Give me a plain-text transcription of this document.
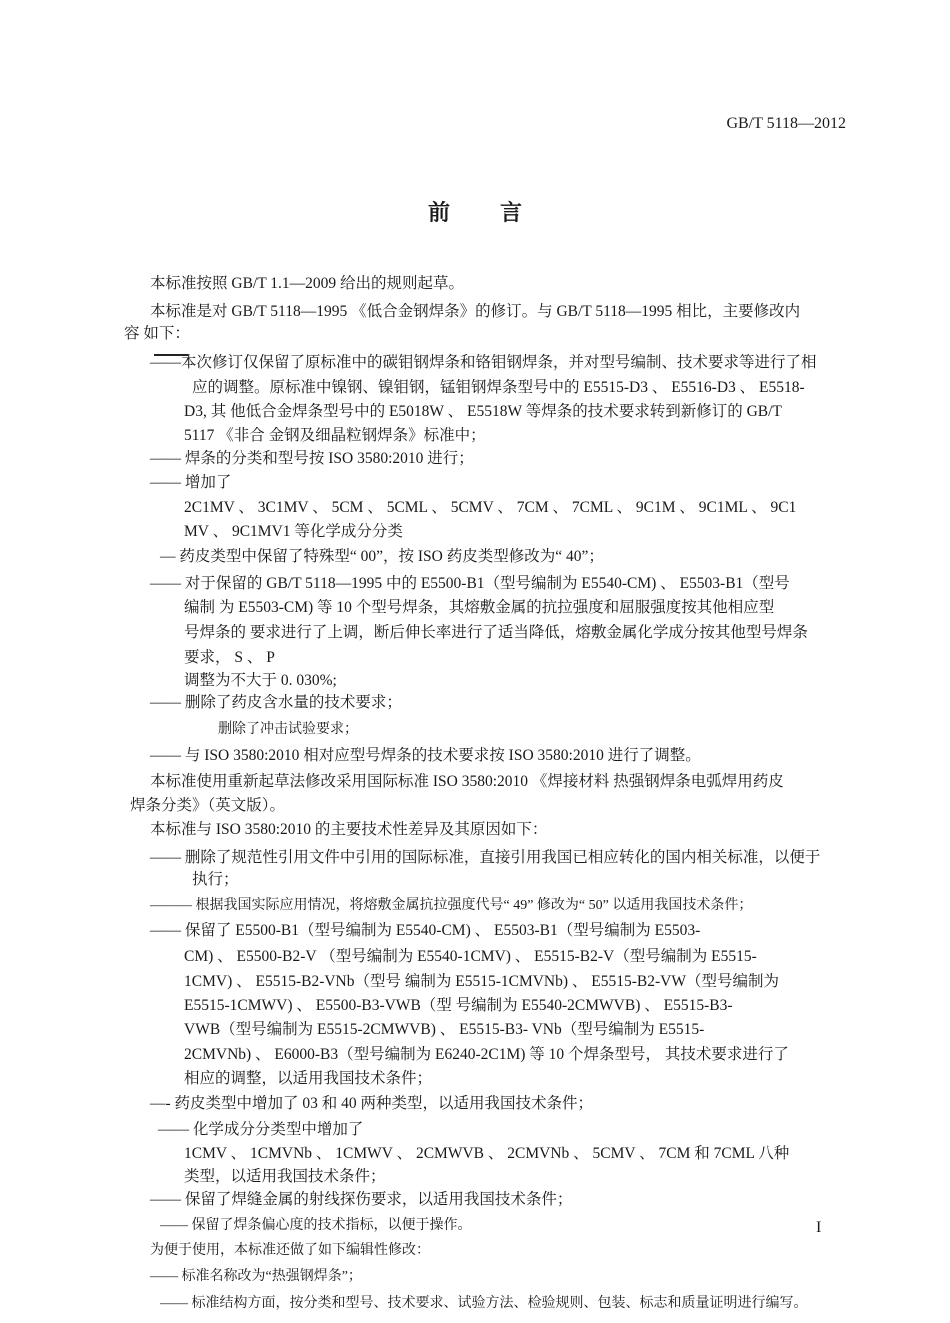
GB/T 5118—2012
前言
本标准按照 GB/T 1.1—2009 给出的规则起草。
本标准是对 GB/T 5118—1995 《低合金钢焊条》的修订。与 GB/T 5118—1995 相比，主要修改内
容 如下：
——本次修订仅保留了原标准中的碳钼钢焊条和铬钼钢焊条，并对型号编制、技术要求等进行了相
应的调整。原标准中镍钢、镍钼钢，锰钼钢焊条型号中的 E5515-D3 、 E5516-D3 、 E5518-
D3, 其 他低合金焊条型号中的 E5018W 、 E5518W 等焊条的技术要求转到新修订的 GB/T
5117 《非合 金钢及细晶粒钢焊条》标准中；
—— 焊条的分类和型号按 ISO 3580:2010 进行；
—— 增加了
2C1MV 、 3C1MV 、 5CM 、 5CML 、 5CMV 、 7CM 、 7CML 、 9C1M 、 9C1ML 、 9C1
MV 、 9C1MV1 等化学成分分类
— 药皮类型中保留了特殊型“ 00”，按 ISO 药皮类型修改为“ 40”；
—— 对于保留的 GB/T 5118—1995 中的 E5500-B1（型号编制为 E5540-CM) 、 E5503-B1（型号
编制 为 E5503-CM) 等 10 个型号焊条，其熔敷金属的抗拉强度和屈服强度按其他相应型
号焊条的 要求进行了上调，断后伸长率进行了适当降低，熔敷金属化学成分按其他型号焊条
要求， S 、 P
调整为不大于 0. 030%;
—— 删除了药皮含水量的技术要求；
删除了冲击试验要求；
—— 与 ISO 3580:2010 相对应型号焊条的技术要求按 ISO 3580:2010 进行了调整。
本标准使用重新起草法修改采用国际标准 ISO 3580:2010 《焊接材料 热强钢焊条电弧焊用药皮
焊条分类》（英文版）。
本标准与 ISO 3580:2010 的主要技术性差异及其原因如下：
—— 删除了规范性引用文件中引用的国际标准，直接引用我国已相应转化的国内相关标准，以便于
执行；
——— 根据我国实际应用情况，将熔敷金属抗拉强度代号“ 49” 修改为“ 50” 以适用我国技术条件；
—— 保留了 E5500-B1（型号编制为 E5540-CM) 、 E5503-B1（型号编制为 E5503-
CM) 、 E5500-B2-V （型号编制为 E5540-1CMV) 、 E5515-B2-V（型号编制为 E5515-
1CMV) 、 E5515-B2-VNb（型号 编制为 E5515-1CMVNb) 、 E5515-B2-VW（型号编制为
E5515-1CMWV) 、 E5500-B3-VWB（型 号编制为 E5540-2CMWVB) 、 E5515-B3-
VWB（型号编制为 E5515-2CMWVB) 、 E5515-B3- VNb（型号编制为 E5515-
2CMVNb) 、 E6000-B3（型号编制为 E6240-2C1M) 等 10 个焊条型号， 其技术要求进行了
相应的调整，以适用我国技术条件；
—- 药皮类型中增加了 03 和 40 两种类型，以适用我国技术条件；
—— 化学成分分类型中增加了
1CMV 、 1CMVNb 、 1CMWV 、 2CMWVB 、 2CMVNb 、 5CMV 、 7CM 和 7CML 八种
类型，以适用我国技术条件；
—— 保留了焊缝金属的射线探伤要求，以适用我国技术条件；
—— 保留了焊条偏心度的技术指标，以便于操作。
为便于使用，本标准还做了如下编辑性修改：
—— 标准名称改为“热强钢焊条”；
—— 标准结构方面，按分类和型号、技术要求、试验方法、检验规则、包装、标志和质量证明进行编写。
I
